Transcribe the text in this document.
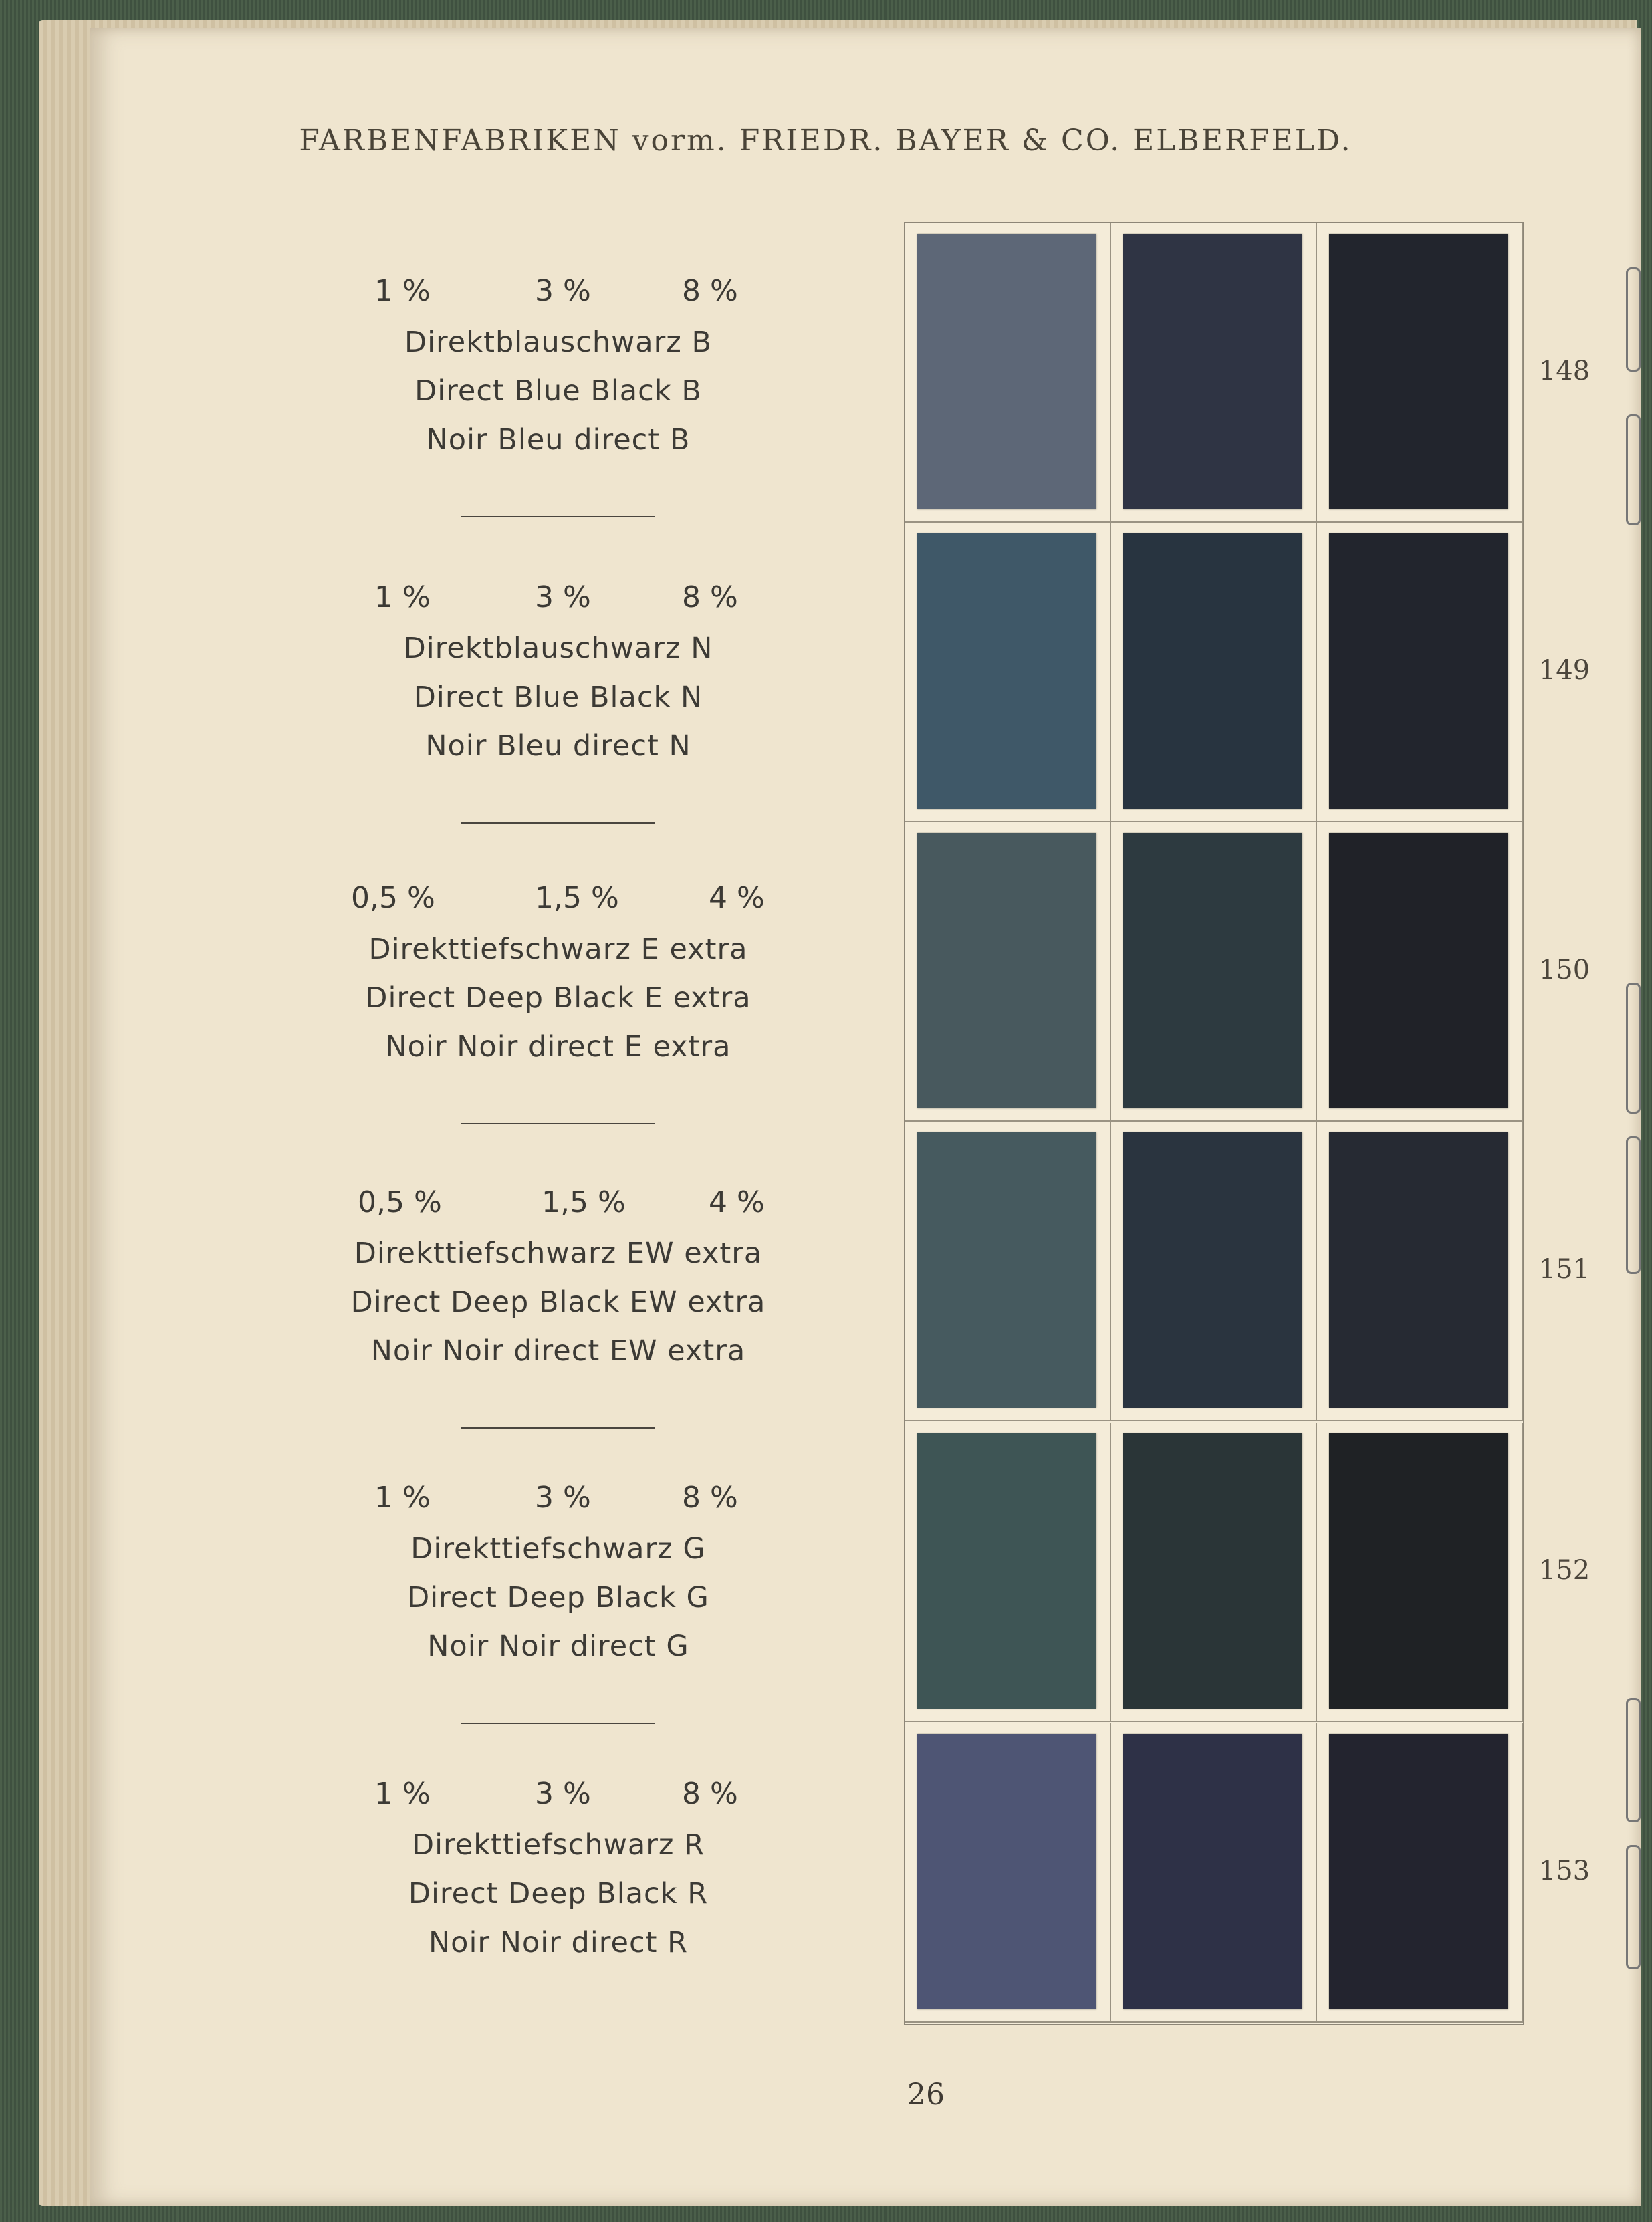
FARBENFABRIKEN vorm. FRIEDR. BAYER & CO. ELBERFELD.
1 %	3 %	8 %
Direktblauschwarz B
Direct Blue Black B
Noir Bleu direct B
1 %	3 %	8 %
Direktblauschwarz N
Direct Blue Black N
Noir Bleu direct N
0,5 %	1,5 %	4 %
Direkttiefschwarz E extra
Direct Deep Black E extra
Noir Noir direct E extra
0,5 %	1,5 %	4 %
Direkttiefschwarz EW extra
Direct Deep Black EW extra
Noir Noir direct EW extra
1 %	3 %	8 %
Direkttiefschwarz G
Direct Deep Black G
Noir Noir direct G
1 %	3 %	8 %
Direkttiefschwarz R
Direct Deep Black R
Noir Noir direct R
148
149
150
151
152
153
26
